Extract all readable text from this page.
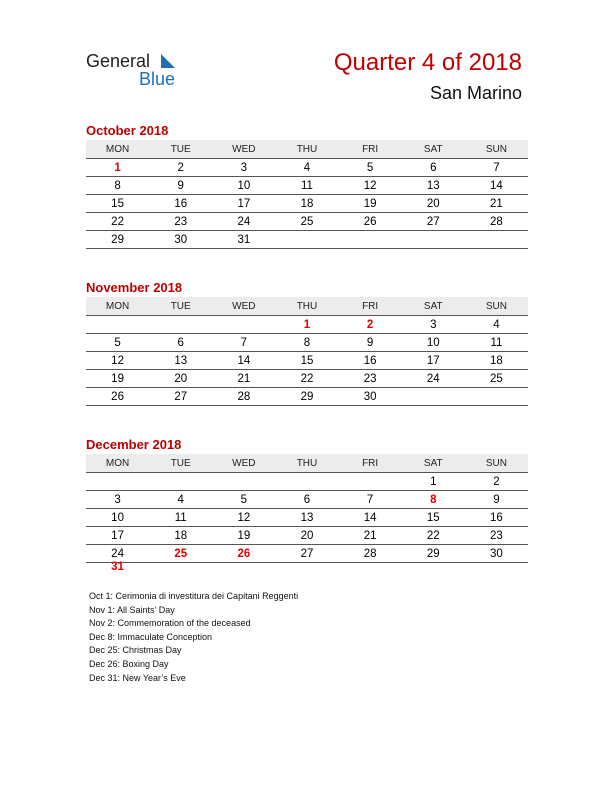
General
Blue
Quarter 4 of 2018
San Marino
October 2018
MON	TUE	WED	THU	FRI	SAT	SUN
1	2	3	4	5	6	7
8	9	10	11	12	13	14
15	16	17	18	19	20	21
22	23	24	25	26	27	28
29	30	31				
November 2018
MON	TUE	WED	THU	FRI	SAT	SUN
			1	2	3	4
5	6	7	8	9	10	11
12	13	14	15	16	17	18
19	20	21	22	23	24	25
26	27	28	29	30		
December 2018
MON	TUE	WED	THU	FRI	SAT	SUN
					1	2
3	4	5	6	7	8	9
10	11	12	13	14	15	16
17	18	19	20	21	22	23
24	25	26	27	28	29	30
31
Oct 1: Cerimonia di investitura dei Capitani Reggenti
Nov 1: All Saints’ Day
Nov 2: Commemoration of the deceased
Dec 8: Immaculate Conception
Dec 25: Christmas Day
Dec 26: Boxing Day
Dec 31: New Year’s Eve
